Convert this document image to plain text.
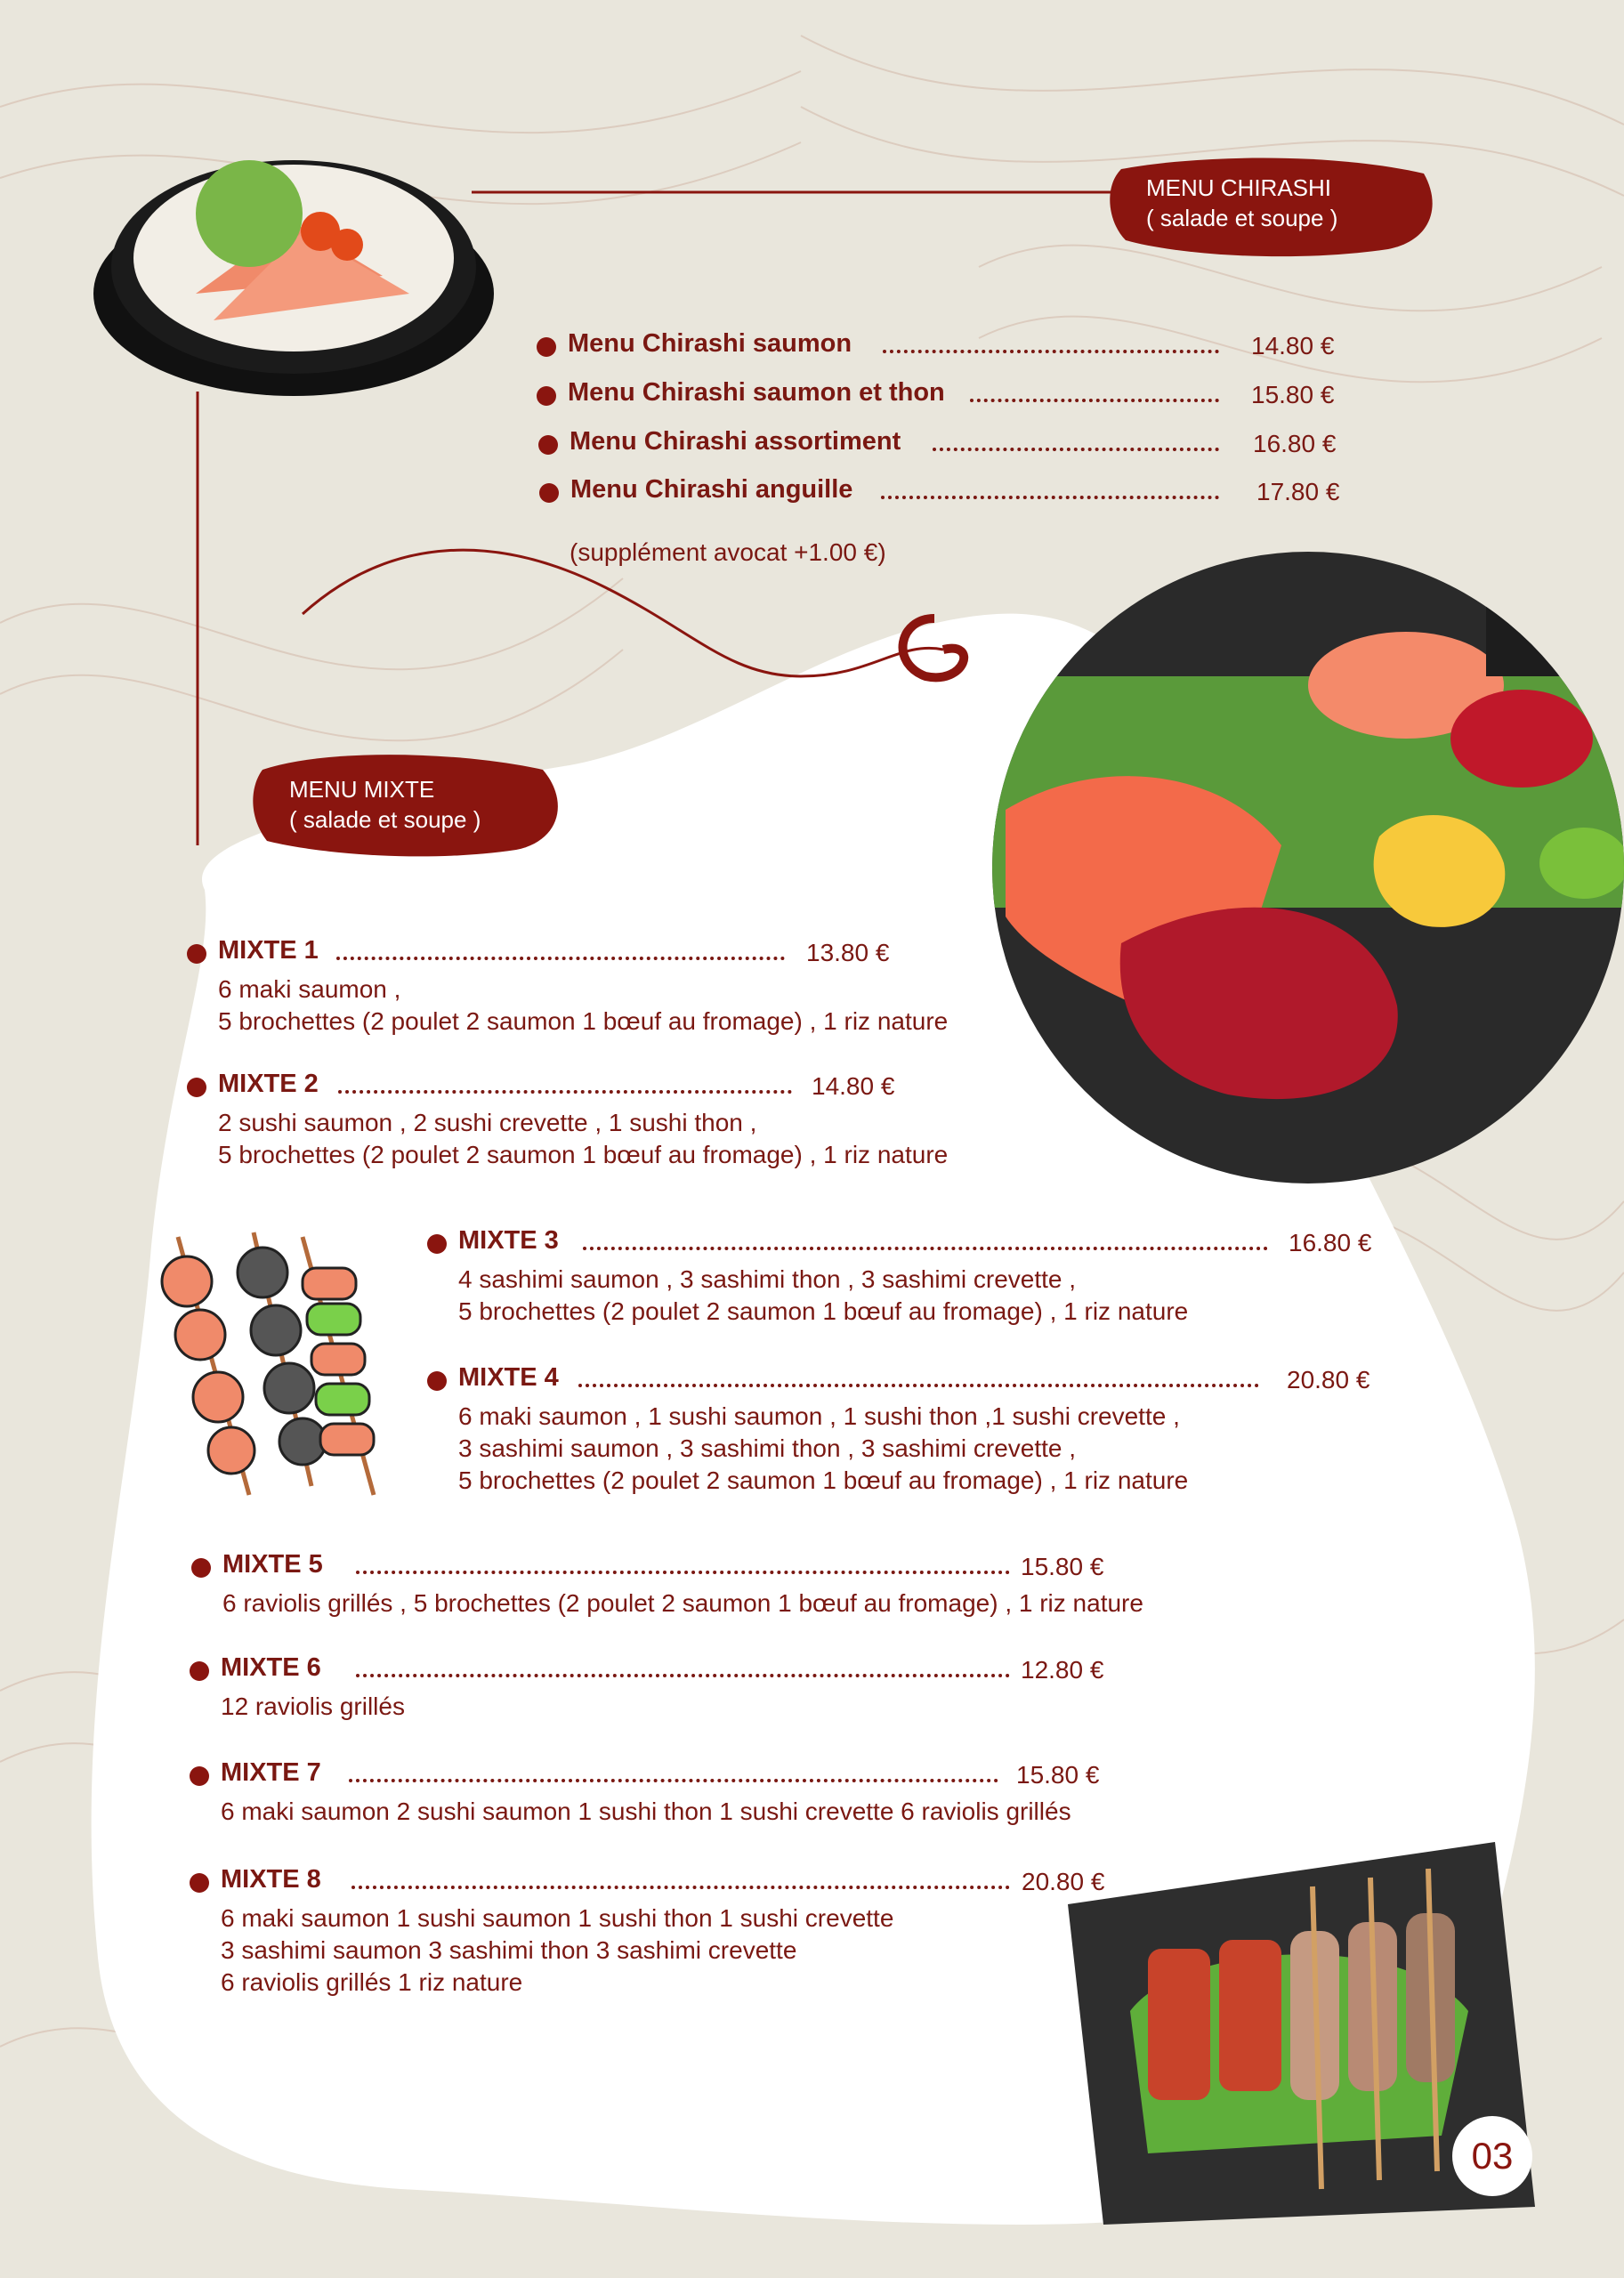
MENU CHIRASHI
( salade et soupe )
Menu Chirashi saumon	14.80 €
Menu Chirashi saumon et thon	15.80 €
Menu Chirashi assortiment	16.80 €
Menu Chirashi anguille	17.80 €
(supplément avocat +1.00 €)
MENU MIXTE
( salade et soupe )
MIXTE 1	13.80 €
6 maki saumon ,
5 brochettes (2 poulet 2 saumon 1 bœuf au fromage) , 1 riz nature
MIXTE 2	14.80 €
2 sushi saumon , 2 sushi crevette , 1 sushi thon ,
5 brochettes (2 poulet 2 saumon 1 bœuf au fromage) , 1 riz nature
MIXTE 3	16.80 €
4 sashimi saumon , 3 sashimi thon , 3 sashimi crevette ,
5 brochettes (2 poulet 2 saumon 1 bœuf au fromage) , 1 riz nature
MIXTE 4	20.80 €
6 maki saumon , 1 sushi saumon , 1 sushi thon ,1 sushi crevette ,
3 sashimi saumon , 3 sashimi thon , 3 sashimi crevette ,
5 brochettes (2 poulet 2 saumon 1 bœuf au fromage) , 1 riz nature
MIXTE 5	15.80 €
6 raviolis grillés , 5 brochettes (2 poulet 2 saumon 1 bœuf au fromage) , 1 riz nature
MIXTE 6	12.80 €
12 raviolis grillés
MIXTE 7	15.80 €
6 maki saumon 2 sushi saumon 1 sushi thon 1 sushi crevette 6 raviolis grillés
MIXTE 8	20.80 €
6 maki saumon 1 sushi saumon 1 sushi thon 1 sushi crevette
3 sashimi saumon 3 sashimi thon 3 sashimi crevette
6 raviolis grillés 1 riz nature
03
